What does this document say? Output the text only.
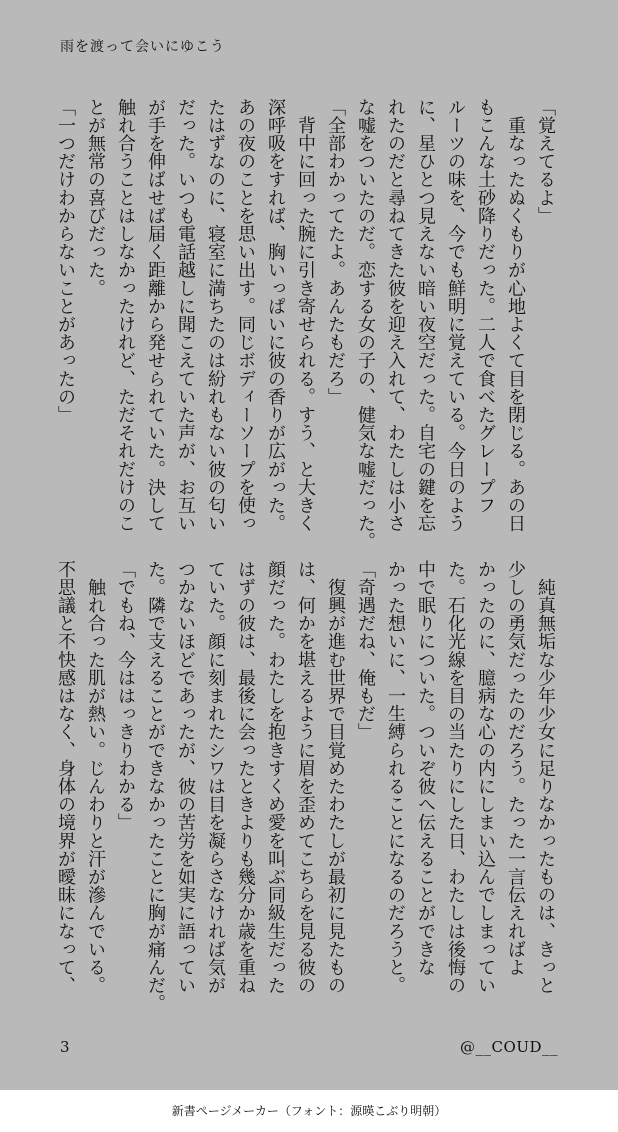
雨を渡って会いにゆこう

「覚えてるよ」

　重なったぬくもりが心地よくて目を閉じる。あの日

もこんな土砂降りだった。二人で食べたグレープフ

ルーツの味を、今でも鮮明に覚えている。今日のよう

に、星ひとつ見えない暗い夜空だった。自宅の鍵を忘

れたのだと尋ねてきた彼を迎え入れて、わたしは小さ

な嘘をついたのだ。恋する女の子の、健気な嘘だった。

「全部わかってたよ。あんたもだろ」

　背中に回った腕に引き寄せられる。すう、と大きく

深呼吸をすれば、胸いっぱいに彼の香りが広がった。

あの夜のことを思い出す。同じボディーソープを使っ

たはずなのに、寝室に満ちたのは紛れもない彼の匂い

だった。いつも電話越しに聞こえていた声が、お互い

が手を伸ばせば届く距離から発せられていた。決して

触れ合うことはしなかったけれど、ただそれだけのこ

とが無常の喜びだった。

「一つだけわからないことがあったの」

　純真無垢な少年少女に足りなかったものは、きっと

少しの勇気だったのだろう。たった一言伝えればよ

かったのに、臆病な心の内にしまい込んでしまってい

た。石化光線を目の当たりにした日、わたしは後悔の

中で眠りについた。ついぞ彼へ伝えることができな

かった想いに、一生縛られることになるのだろうと。

「奇遇だね、俺もだ」

　復興が進む世界で目覚めたわたしが最初に見たもの

は、何かを堪えるように眉を歪めてこちらを見る彼の

顔だった。わたしを抱きすくめ愛を叫ぶ同級生だった

はずの彼は、最後に会ったときよりも幾分か歳を重ね

ていた。顔に刻まれたシワは目を凝らさなければ気が

つかないほどであったが、彼の苦労を如実に語ってい

た。隣で支えることができなかったことに胸が痛んだ。

「でもね、今ははっきりわかる」

　触れ合った肌が熱い。じんわりと汗が滲んでいる。

不思議と不快感はなく、身体の境界が曖昧になって、

3	@__COUD__
新書ページメーカー（フォント：源暎こぶり明朝）
